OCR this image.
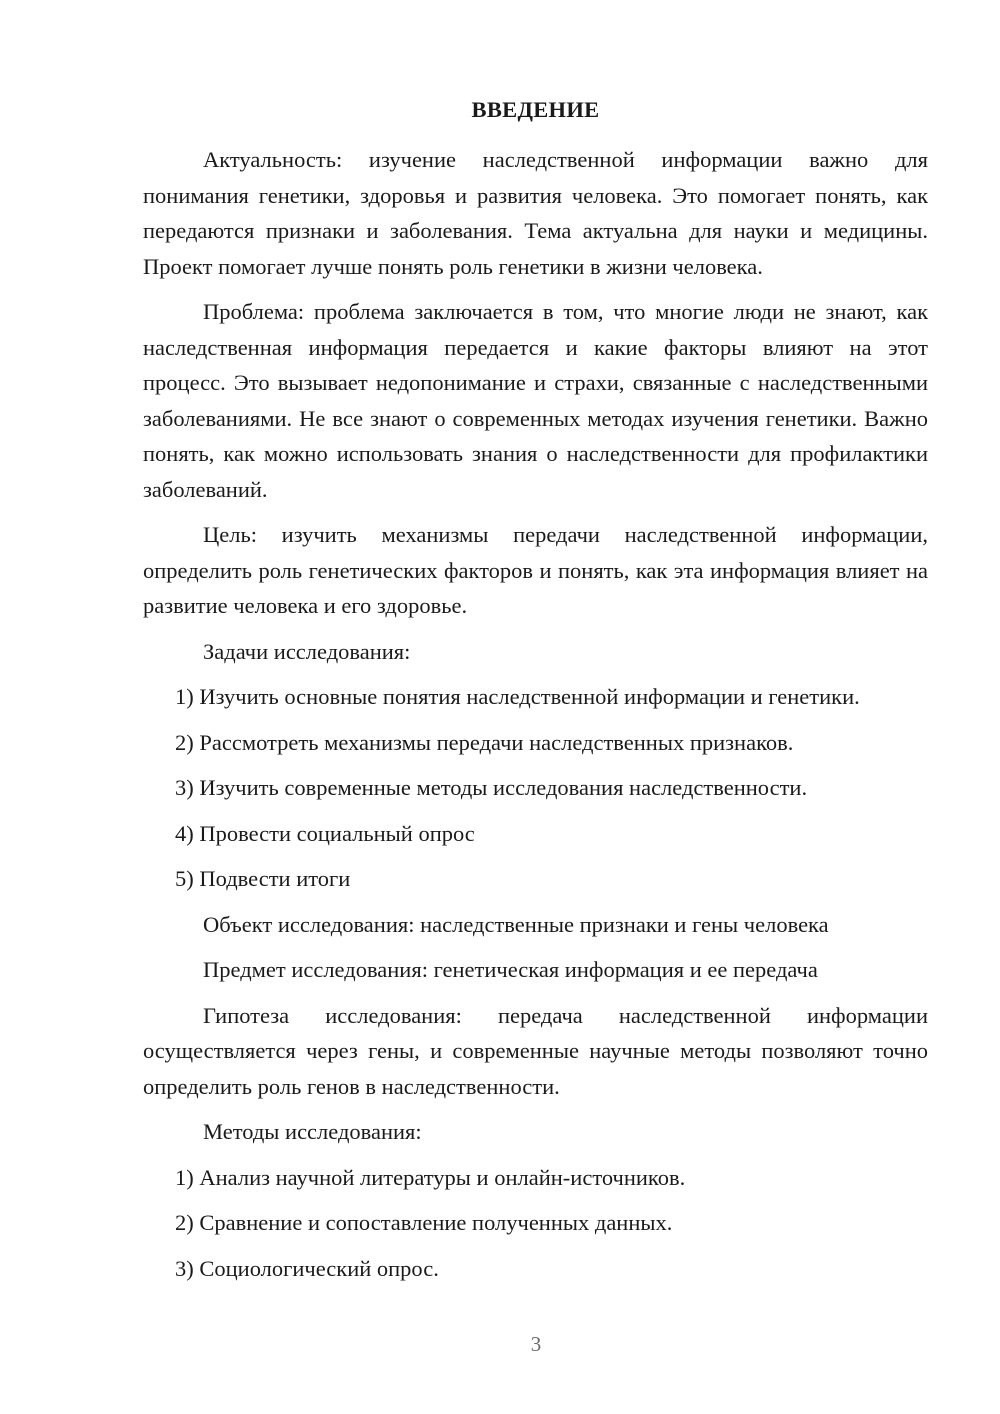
ВВЕДЕНИЕ
Актуальность: изучение наследственной информации важно для понимания генетики, здоровья и развития человека. Это помогает понять, как передаются признаки и заболевания. Тема актуальна для науки и медицины. Проект помогает лучше понять роль генетики в жизни человека.
Проблема: проблема заключается в том, что многие люди не знают, как наследственная информация передается и какие факторы влияют на этот процесс. Это вызывает недопонимание и страхи, связанные с наследственными заболеваниями. Не все знают о современных методах изучения генетики. Важно понять, как можно использовать знания о наследственности для профилактики заболеваний.
Цель: изучить механизмы передачи наследственной информации, определить роль генетических факторов и понять, как эта информация влияет на развитие человека и его здоровье.
Задачи исследования:
1) Изучить основные понятия наследственной информации и генетики.
2) Рассмотреть механизмы передачи наследственных признаков.
3) Изучить современные методы исследования наследственности.
4) Провести социальный опрос
5) Подвести итоги
Объект исследования: наследственные признаки и гены человека
Предмет исследования: генетическая информация и ее передача
Гипотеза исследования: передача наследственной информации осуществляется через гены, и современные научные методы позволяют точно определить роль генов в наследственности.
Методы исследования:
1) Анализ научной литературы и онлайн-источников.
2) Сравнение и сопоставление полученных данных.
3) Социологический опрос.
3
